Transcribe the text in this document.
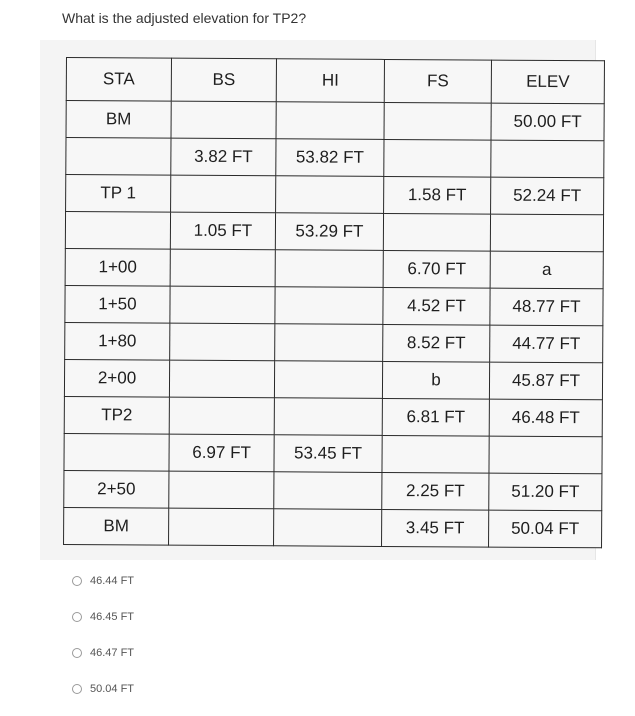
What is the adjusted elevation for TP2?
STA	BS	HI	FS	ELEV
BM				50.00 FT
	3.82 FT	53.82 FT		
TP 1			1.58 FT	52.24 FT
	1.05 FT	53.29 FT		
1+00			6.70 FT	a
1+50			4.52 FT	48.77 FT
1+80			8.52 FT	44.77 FT
2+00			b	45.87 FT
TP2			6.81 FT	46.48 FT
	6.97 FT	53.45 FT		
2+50			2.25 FT	51.20 FT
BM			3.45 FT	50.04 FT
46.44 FT
46.45 FT
46.47 FT
50.04 FT
